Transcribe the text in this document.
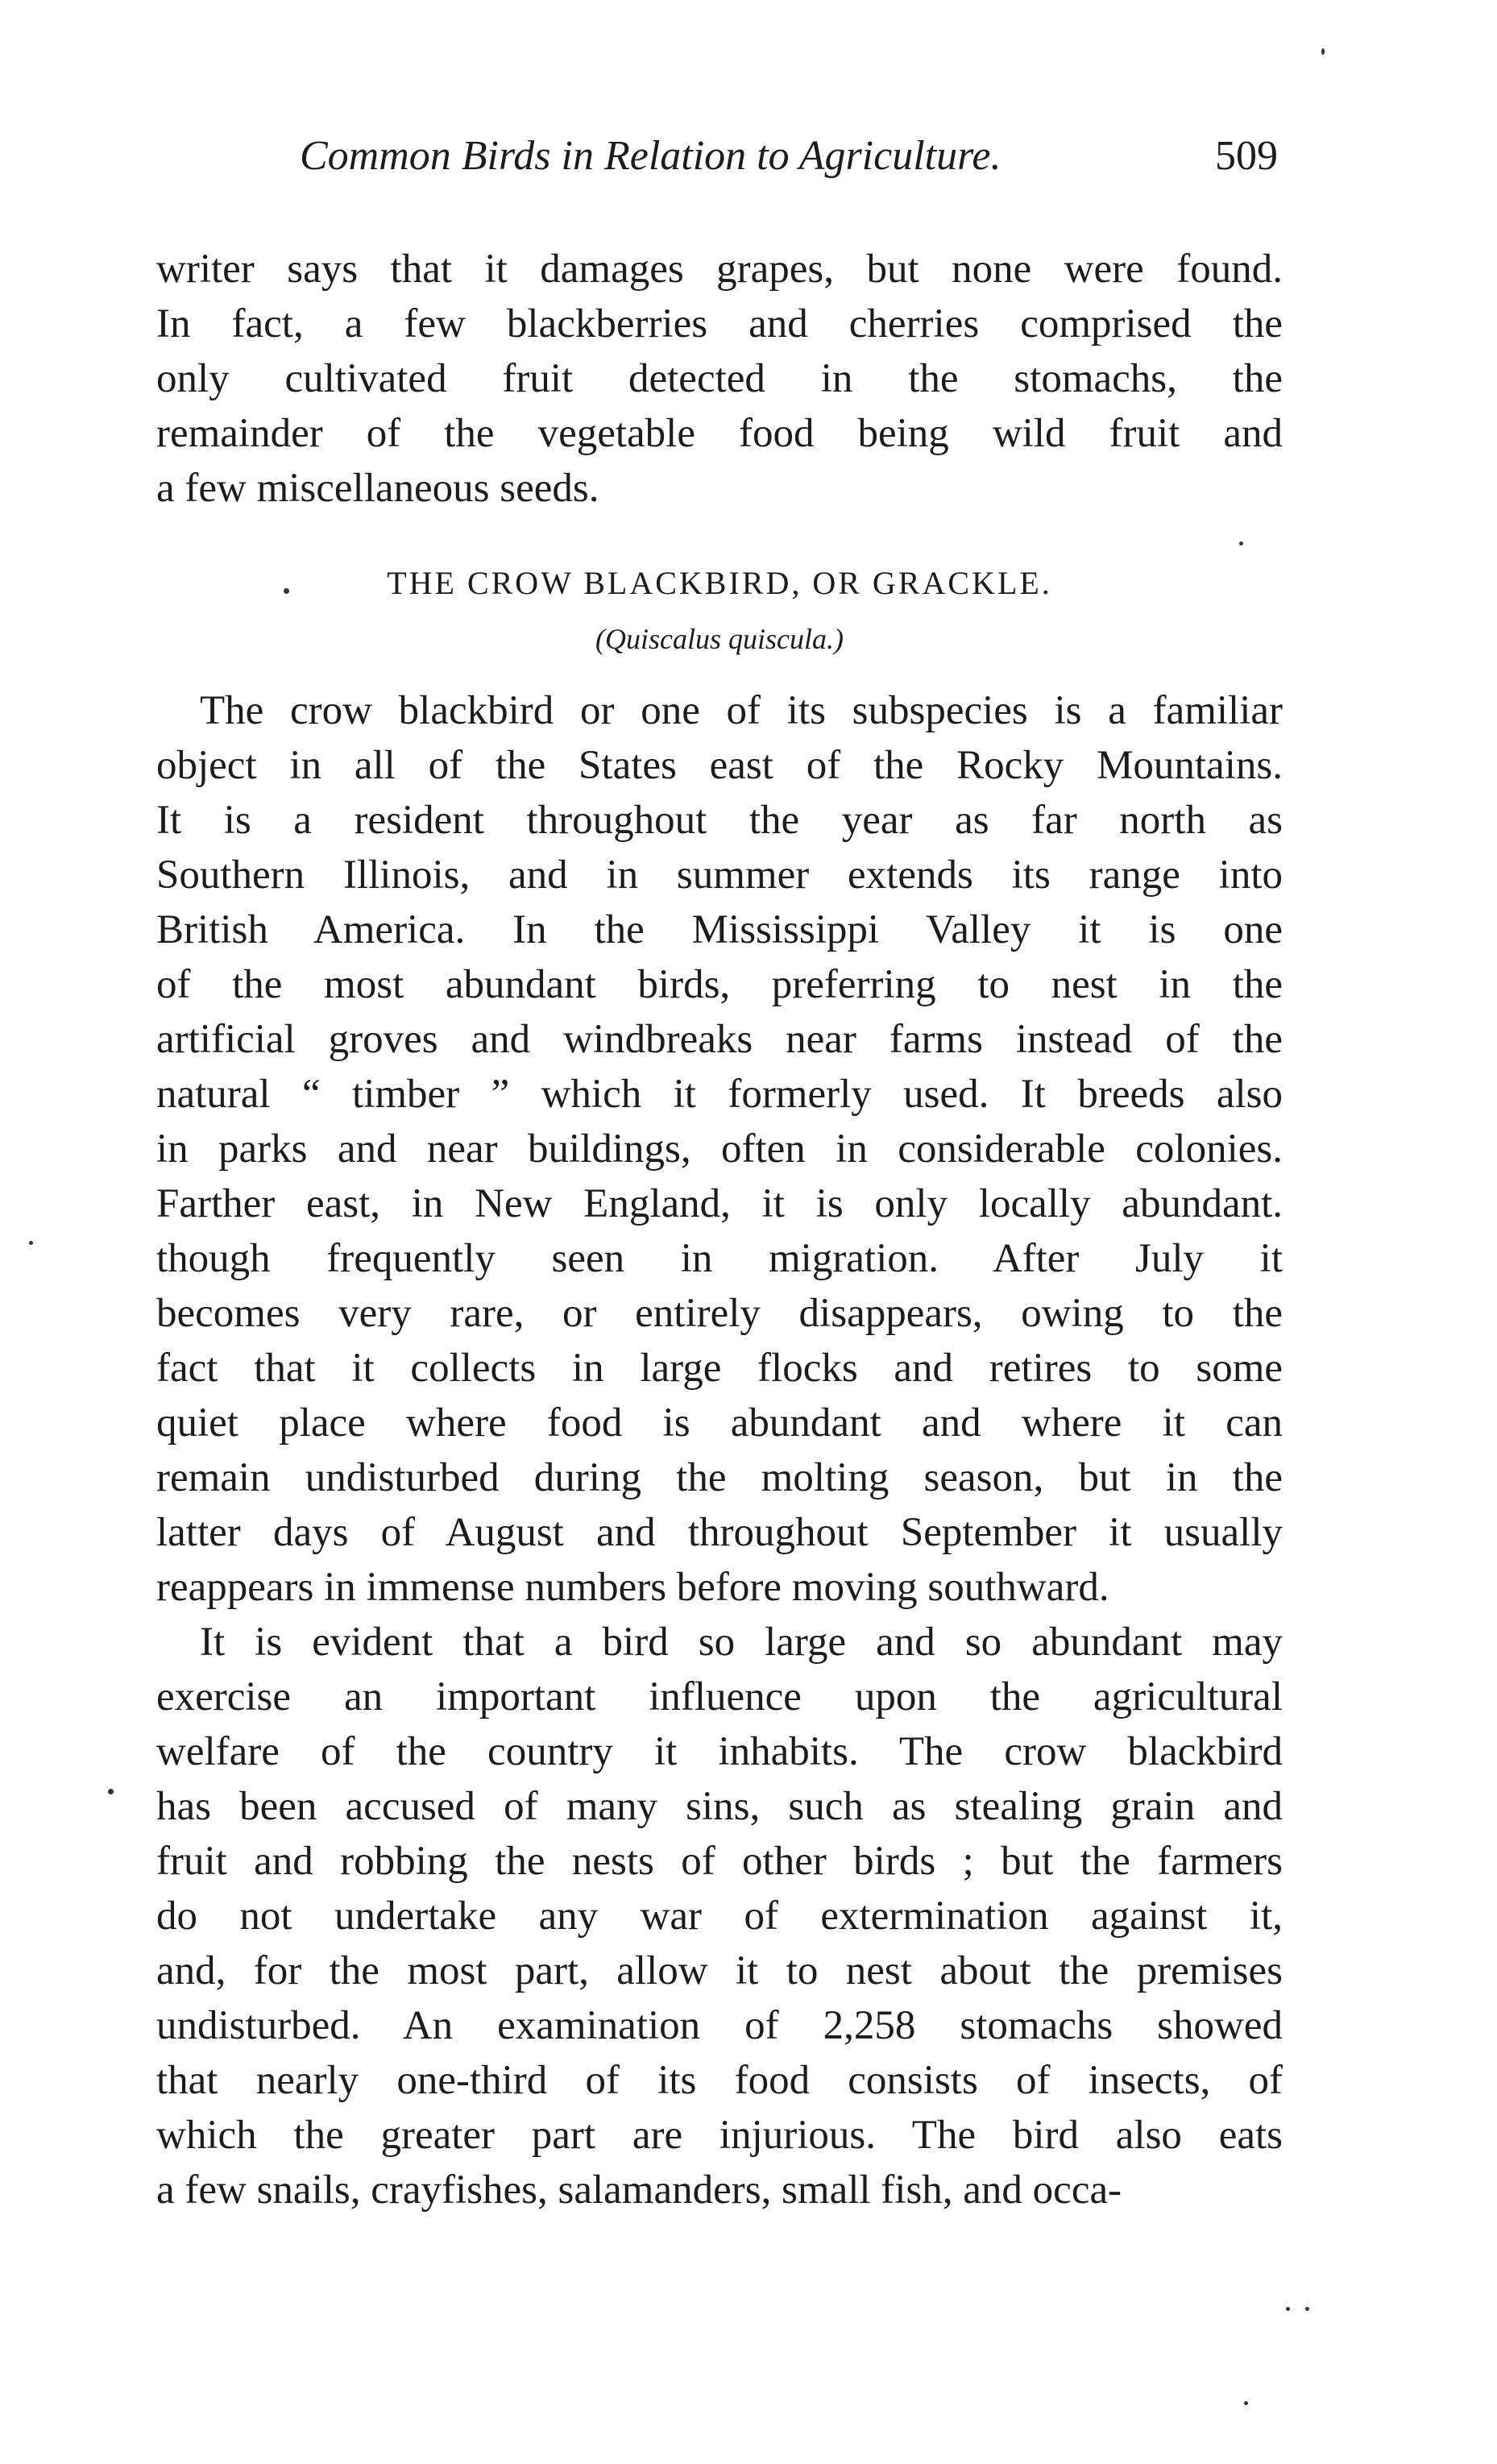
Common Birds in Relation to Agriculture.	509
writer says that it damages grapes, but none were found.
In fact, a few blackberries and cherries comprised the
only cultivated fruit detected in the stomachs, the
remainder of the vegetable food being wild fruit and
a few miscellaneous seeds.
THE CROW BLACKBIRD, OR GRACKLE.
(Quiscalus quiscula.)
The crow blackbird or one of its subspecies is a familiar
object in all of the States east of the Rocky Mountains.
It is a resident throughout the year as far north as
Southern Illinois, and in summer extends its range into
British America. In the Mississippi Valley it is one
of the most abundant birds, preferring to nest in the
artificial groves and windbreaks near farms instead of the
natural “ timber ” which it formerly used. It breeds also
in parks and near buildings, often in considerable colonies.
Farther east, in New England, it is only locally abundant.
though frequently seen in migration. After July it
becomes very rare, or entirely disappears, owing to the
fact that it collects in large flocks and retires to some
quiet place where food is abundant and where it can
remain undisturbed during the molting season, but in the
latter days of August and throughout September it usually
reappears in immense numbers before moving southward.
It is evident that a bird so large and so abundant may
exercise an important influence upon the agricultural
welfare of the country it inhabits. The crow blackbird
has been accused of many sins, such as stealing grain and
fruit and robbing the nests of other birds ; but the farmers
do not undertake any war of extermination against it,
and, for the most part, allow it to nest about the premises
undisturbed. An examination of 2,258 stomachs showed
that nearly one-third of its food consists of insects, of
which the greater part are injurious. The bird also eats
a few snails, crayfishes, salamanders, small fish, and occa-
